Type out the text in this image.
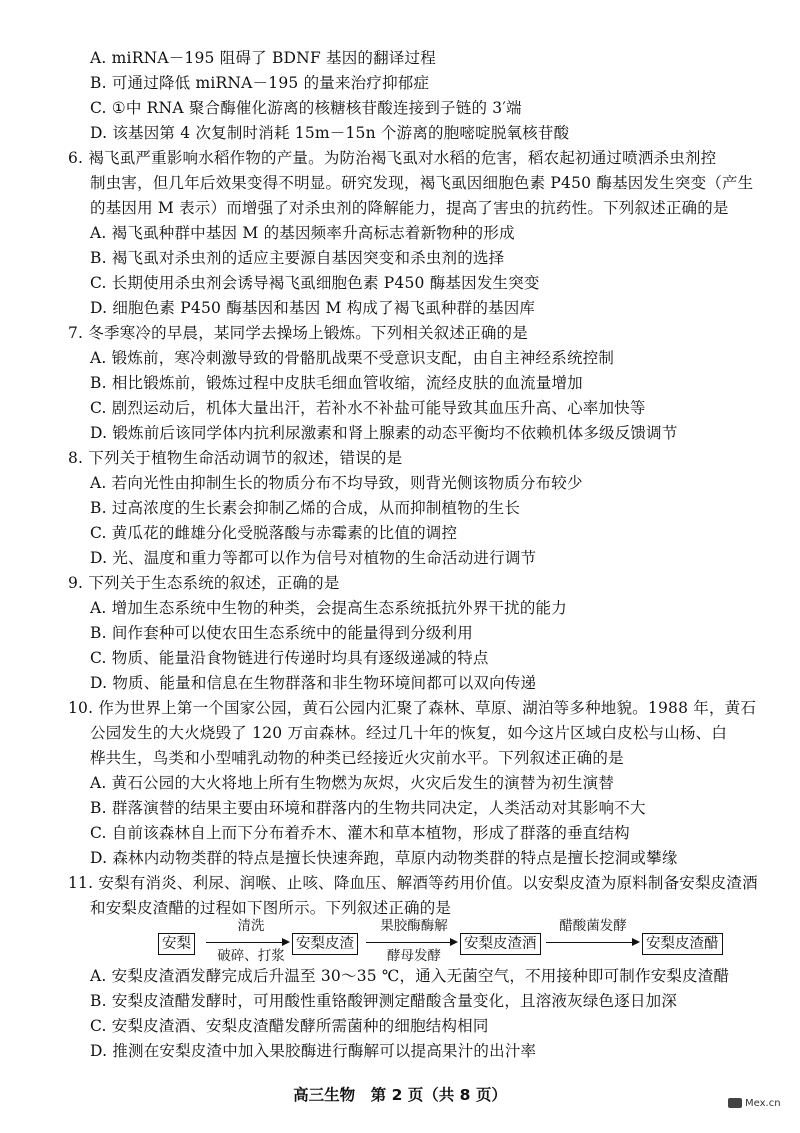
A. miRNA－195 阻碍了 BDNF 基因的翻译过程
B. 可通过降低 miRNA－195 的量来治疗抑郁症
C. ①中 RNA 聚合酶催化游离的核糖核苷酸连接到子链的 3′端
D. 该基因第 4 次复制时消耗 15m－15n 个游离的胞嘧啶脱氧核苷酸
6. 褐飞虱严重影响水稻作物的产量。为防治褐飞虱对水稻的危害，稻农起初通过喷洒杀虫剂控
制虫害，但几年后效果变得不明显。研究发现，褐飞虱因细胞色素 P450 酶基因发生突变（产生
的基因用 M 表示）而增强了对杀虫剂的降解能力，提高了害虫的抗药性。下列叙述正确的是
A. 褐飞虱种群中基因 M 的基因频率升高标志着新物种的形成
B. 褐飞虱对杀虫剂的适应主要源自基因突变和杀虫剂的选择
C. 长期使用杀虫剂会诱导褐飞虱细胞色素 P450 酶基因发生突变
D. 细胞色素 P450 酶基因和基因 M 构成了褐飞虱种群的基因库
7. 冬季寒冷的早晨，某同学去操场上锻炼。下列相关叙述正确的是
A. 锻炼前，寒冷刺激导致的骨骼肌战栗不受意识支配，由自主神经系统控制
B. 相比锻炼前，锻炼过程中皮肤毛细血管收缩，流经皮肤的血流量增加
C. 剧烈运动后，机体大量出汗，若补水不补盐可能导致其血压升高、心率加快等
D. 锻炼前后该同学体内抗利尿激素和肾上腺素的动态平衡均不依赖机体多级反馈调节
8. 下列关于植物生命活动调节的叙述，错误的是
A. 若向光性由抑制生长的物质分布不均导致，则背光侧该物质分布较少
B. 过高浓度的生长素会抑制乙烯的合成，从而抑制植物的生长
C. 黄瓜花的雌雄分化受脱落酸与赤霉素的比值的调控
D. 光、温度和重力等都可以作为信号对植物的生命活动进行调节
9. 下列关于生态系统的叙述，正确的是
A. 增加生态系统中生物的种类，会提高生态系统抵抗外界干扰的能力
B. 间作套种可以使农田生态系统中的能量得到分级利用
C. 物质、能量沿食物链进行传递时均具有逐级递减的特点
D. 物质、能量和信息在生物群落和非生物环境间都可以双向传递
10. 作为世界上第一个国家公园，黄石公园内汇聚了森林、草原、湖泊等多种地貌。1988 年，黄石
公园发生的大火烧毁了 120 万亩森林。经过几十年的恢复，如今这片区域白皮松与山杨、白
桦共生，鸟类和小型哺乳动物的种类已经接近火灾前水平。下列叙述正确的是
A. 黄石公园的大火将地上所有生物燃为灰烬，火灾后发生的演替为初生演替
B. 群落演替的结果主要由环境和群落内的生物共同决定，人类活动对其影响不大
C. 自前该森林自上而下分布着乔木、灌木和草本植物，形成了群落的垂直结构
D. 森林内动物类群的特点是擅长快速奔跑，草原内动物类群的特点是擅长挖洞或攀缘
11. 安梨有消炎、利尿、润喉、止咳、降血压、解酒等药用价值。以安梨皮渣为原料制备安梨皮渣酒
和安梨皮渣醋的过程如下图所示。下列叙述正确的是
安梨
清洗
破碎、打浆
安梨皮渣
果胶酶酶解
酵母发酵
安梨皮渣酒
醋酸菌发酵
安梨皮渣醋
A. 安梨皮渣酒发酵完成后升温至 30～35 ℃，通入无菌空气，不用接种即可制作安梨皮渣醋
B. 安梨皮渣醋发酵时，可用酸性重铬酸钾测定醋酸含量变化，且溶液灰绿色逐日加深
高三生物　第 2 页（共 8 页）	Mex.cn
C. 安梨皮渣酒、安梨皮渣醋发酵所需菌种的细胞结构相同
D. 推测在安梨皮渣中加入果胶酶进行酶解可以提高果汁的出汁率
